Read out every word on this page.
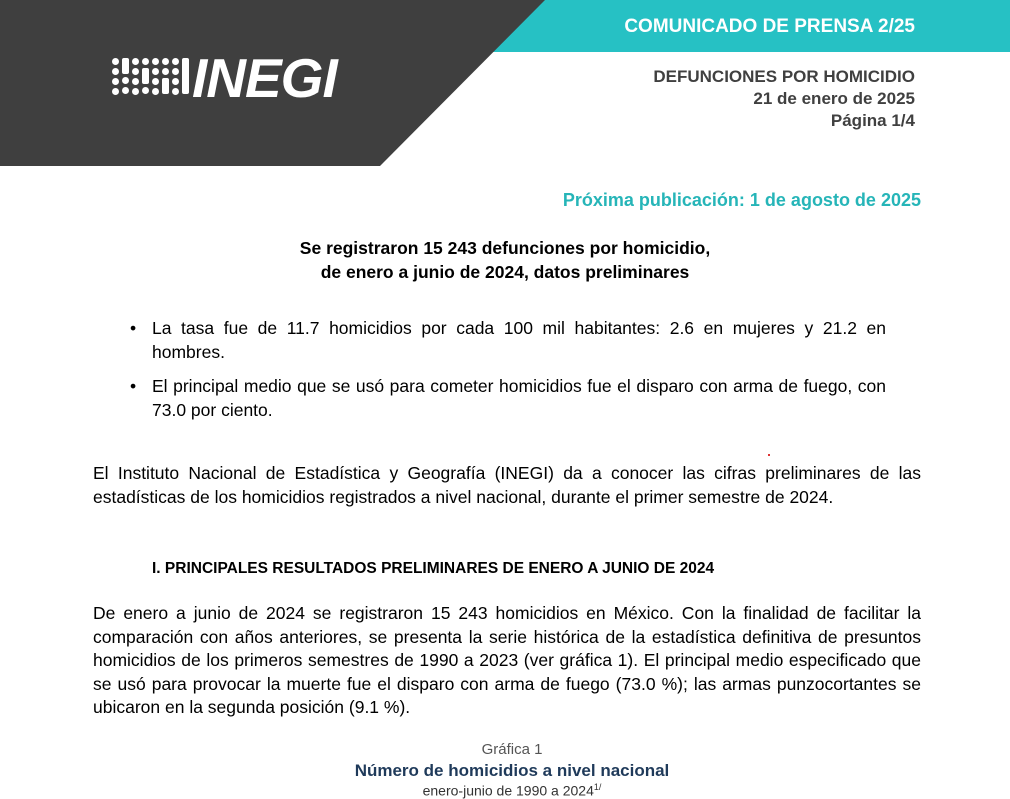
INEGI
COMUNICADO DE PRENSA 2/25
DEFUNCIONES POR HOMICIDIO
21 de enero de 2025
Página 1/4
Próxima publicación: 1 de agosto de 2025
Se registraron 15 243 defunciones por homicidio,
de enero a junio de 2024, datos preliminares
• La tasa fue de 11.7 homicidios por cada 100 mil habitantes: 2.6 en mujeres y 21.2 en hombres.
• El principal medio que se usó para cometer homicidios fue el disparo con arma de fuego, con 73.0 por ciento.
El Instituto Nacional de Estadística y Geografía (INEGI) da a conocer las cifras preliminares de las estadísticas de los homicidios registrados a nivel nacional, durante el primer semestre de 2024.
I. PRINCIPALES RESULTADOS PRELIMINARES DE ENERO A JUNIO DE 2024
De enero a junio de 2024 se registraron 15 243 homicidios en México. Con la finalidad de facilitar la comparación con años anteriores, se presenta la serie histórica de la estadística definitiva de presuntos homicidios de los primeros semestres de 1990 a 2023 (ver gráfica 1). El principal medio especificado que se usó para provocar la muerte fue el disparo con arma de fuego (73.0 %); las armas punzocortantes se ubicaron en la segunda posición (9.1 %).
Gráfica 1
Número de homicidios a nivel nacional
enero-junio de 1990 a $2024^{1/}$
